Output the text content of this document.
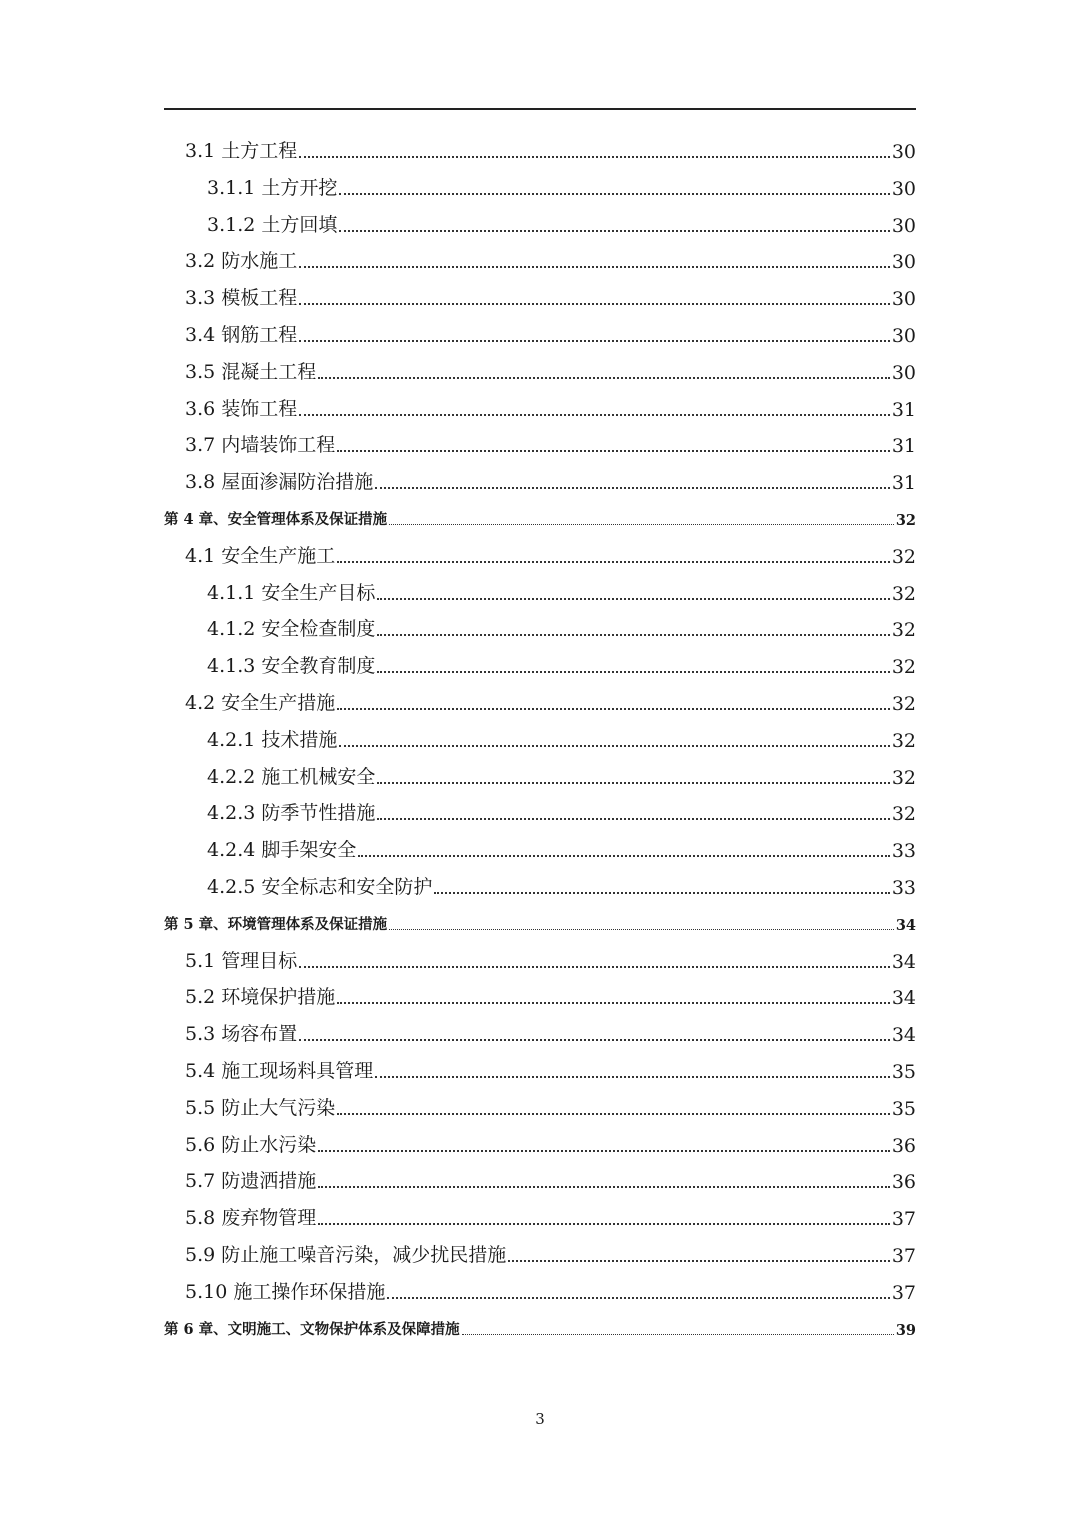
3.1 土方工程	30
3.1.1 土方开挖	30
3.1.2 土方回填	30
3.2 防水施工	30
3.3 模板工程	30
3.4 钢筋工程	30
3.5 混凝土工程	30
3.6 装饰工程	31
3.7 内墙装饰工程	31
3.8 屋面渗漏防治措施	31
第 4 章、安全管理体系及保证措施	32
4.1 安全生产施工	32
4.1.1 安全生产目标	32
4.1.2 安全检查制度	32
4.1.3 安全教育制度	32
4.2 安全生产措施	32
4.2.1 技术措施	32
4.2.2 施工机械安全	32
4.2.3 防季节性措施	32
4.2.4 脚手架安全	33
4.2.5 安全标志和安全防护	33
第 5 章、环境管理体系及保证措施	34
5.1 管理目标	34
5.2 环境保护措施	34
5.3 场容布置	34
5.4 施工现场料具管理	35
5.5 防止大气污染	35
5.6 防止水污染	36
5.7 防遗洒措施	36
5.8 废弃物管理	37
5.9 防止施工噪音污染，减少扰民措施	37
5.10 施工操作环保措施	37
第 6 章、文明施工、文物保护体系及保障措施	39
3
